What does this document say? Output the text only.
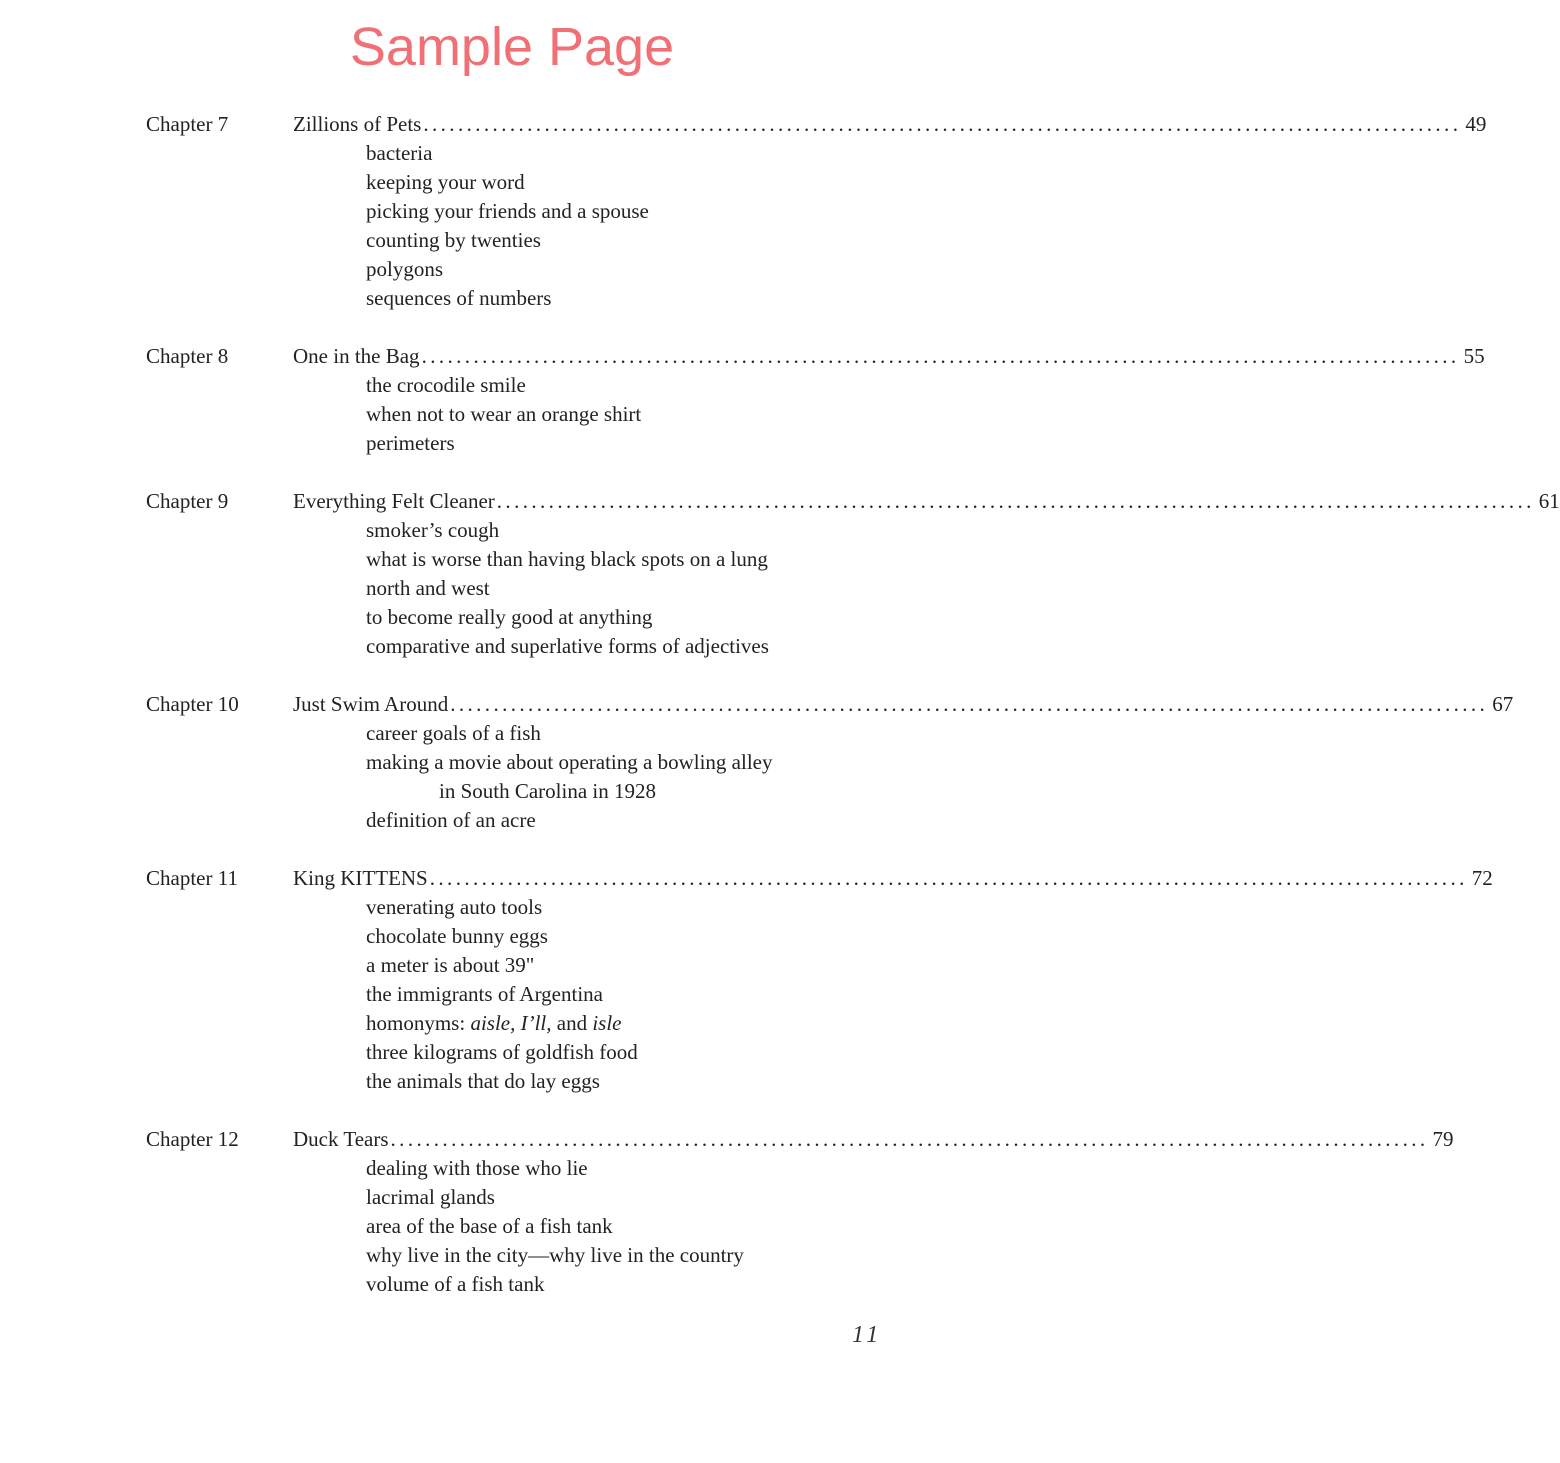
Sample Page
Chapter 7	Zillions of Pets ........................................................................................................................ 49
bacteria
keeping your word
picking your friends and a spouse
counting by twenties
polygons
sequences of numbers
Chapter 8	One in the Bag ........................................................................................................................ 55
the crocodile smile
when not to wear an orange shirt
perimeters
Chapter 9	Everything Felt Cleaner ........................................................................................................................ 61
smoker’s cough
what is worse than having black spots on a lung
north and west
to become really good at anything
comparative and superlative forms of adjectives
Chapter 10	Just Swim Around ........................................................................................................................ 67
career goals of a fish
making a movie about operating a bowling alley
in South Carolina in 1928
definition of an acre
Chapter 11	King KITTENS ........................................................................................................................ 72
venerating auto tools
chocolate bunny eggs
a meter is about 39"
the immigrants of Argentina
homonyms: aisle, I’ll, and isle
three kilograms of goldfish food
the animals that do lay eggs
Chapter 12	Duck Tears ........................................................................................................................ 79
dealing with those who lie
lacrimal glands
area of the base of a fish tank
why live in the city—why live in the country
volume of a fish tank
11
